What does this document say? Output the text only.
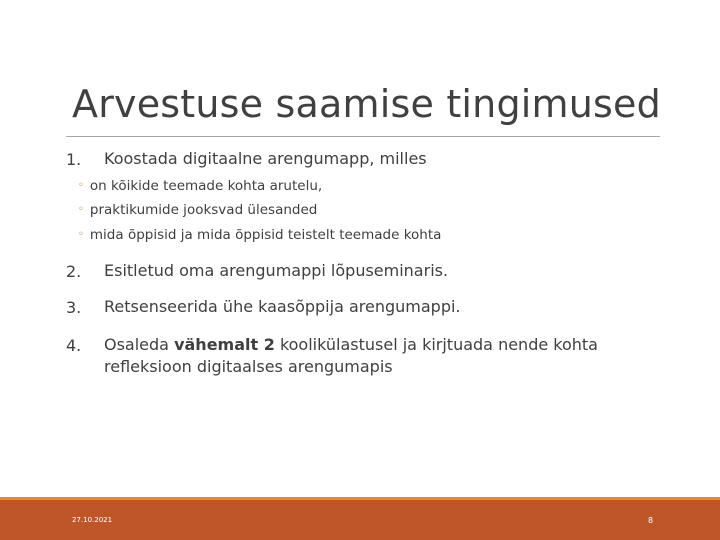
Arvestuse saamise tingimused
1.	Koostada digitaalne arengumapp, milles
◦ on kõikide teemade kohta arutelu,
◦ praktikumide jooksvad ülesanded
◦ mida õppisid ja mida õppisid teistelt teemade kohta
2.	Esitletud oma arengumappi lõpuseminaris.
3.	Retsenseerida ühe kaasõppija arengumappi.
4.	Osaleda vähemalt 2 koolikülastusel ja kirjtuada nende kohta refleksioon digitaalses arengumapis
27.10.2021	8
